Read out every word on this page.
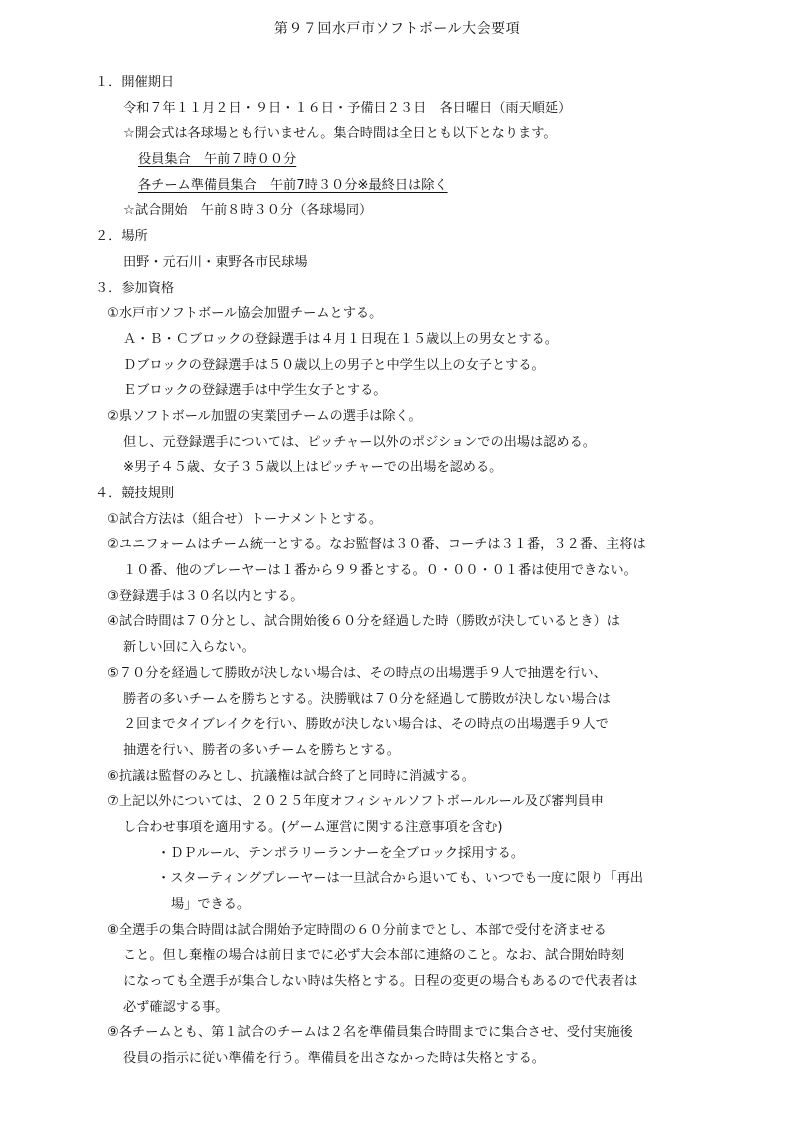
第９７回水戸市ソフトボール大会要項
１．開催期日
令和７年１１月２日・９日・１６日・予備日２３日　各日曜日（雨天順延）
☆開会式は各球場とも行いません。集合時間は全日とも以下となります。
役員集合　午前７時００分
各チーム準備員集合　午前7時３０分※最終日は除く
☆試合開始　午前８時３０分（各球場同）
２．場所
田野・元石川・東野各市民球場
３．参加資格
①水戸市ソフトボール協会加盟チームとする。
Ａ・Ｂ・Ｃブロックの登録選手は４月１日現在１５歳以上の男女とする。
Ｄブロックの登録選手は５０歳以上の男子と中学生以上の女子とする。
Ｅブロックの登録選手は中学生女子とする。
②県ソフトボール加盟の実業団チームの選手は除く。
但し、元登録選手については、ピッチャー以外のポジションでの出場は認める。
※男子４５歳、女子３５歳以上はピッチャーでの出場を認める。
４．競技規則
①試合方法は（組合せ）トーナメントとする。
②ユニフォームはチーム統一とする。なお監督は３０番、コーチは３１番，３２番、主将は
１０番、他のプレーヤーは１番から９９番とする。０・００・０１番は使用できない。
③登録選手は３０名以内とする。
④試合時間は７０分とし、試合開始後６０分を経過した時（勝敗が決しているとき）は
新しい回に入らない。
⑤７０分を経過して勝敗が決しない場合は、その時点の出場選手９人で抽選を行い、
勝者の多いチームを勝ちとする。決勝戦は７０分を経過して勝敗が決しない場合は
２回までタイブレイクを行い、勝敗が決しない場合は、その時点の出場選手９人で
抽選を行い、勝者の多いチームを勝ちとする。
⑥抗議は監督のみとし、抗議権は試合終了と同時に消滅する。
⑦上記以外については、２０２５年度オフィシャルソフトボールルール及び審判員申
し合わせ事項を適用する。(ゲーム運営に関する注意事項を含む)
・ＤＰルール、テンポラリーランナーを全ブロック採用する。
・スターティングプレーヤーは一旦試合から退いても、いつでも一度に限り「再出
場」できる。
⑧全選手の集合時間は試合開始予定時間の６０分前までとし、本部で受付を済ませる
こと。但し棄権の場合は前日までに必ず大会本部に連絡のこと。なお、試合開始時刻
になっても全選手が集合しない時は失格とする。日程の変更の場合もあるので代表者は
必ず確認する事。
⑨各チームとも、第１試合のチームは２名を準備員集合時間までに集合させ、受付実施後
役員の指示に従い準備を行う。準備員を出さなかった時は失格とする。
